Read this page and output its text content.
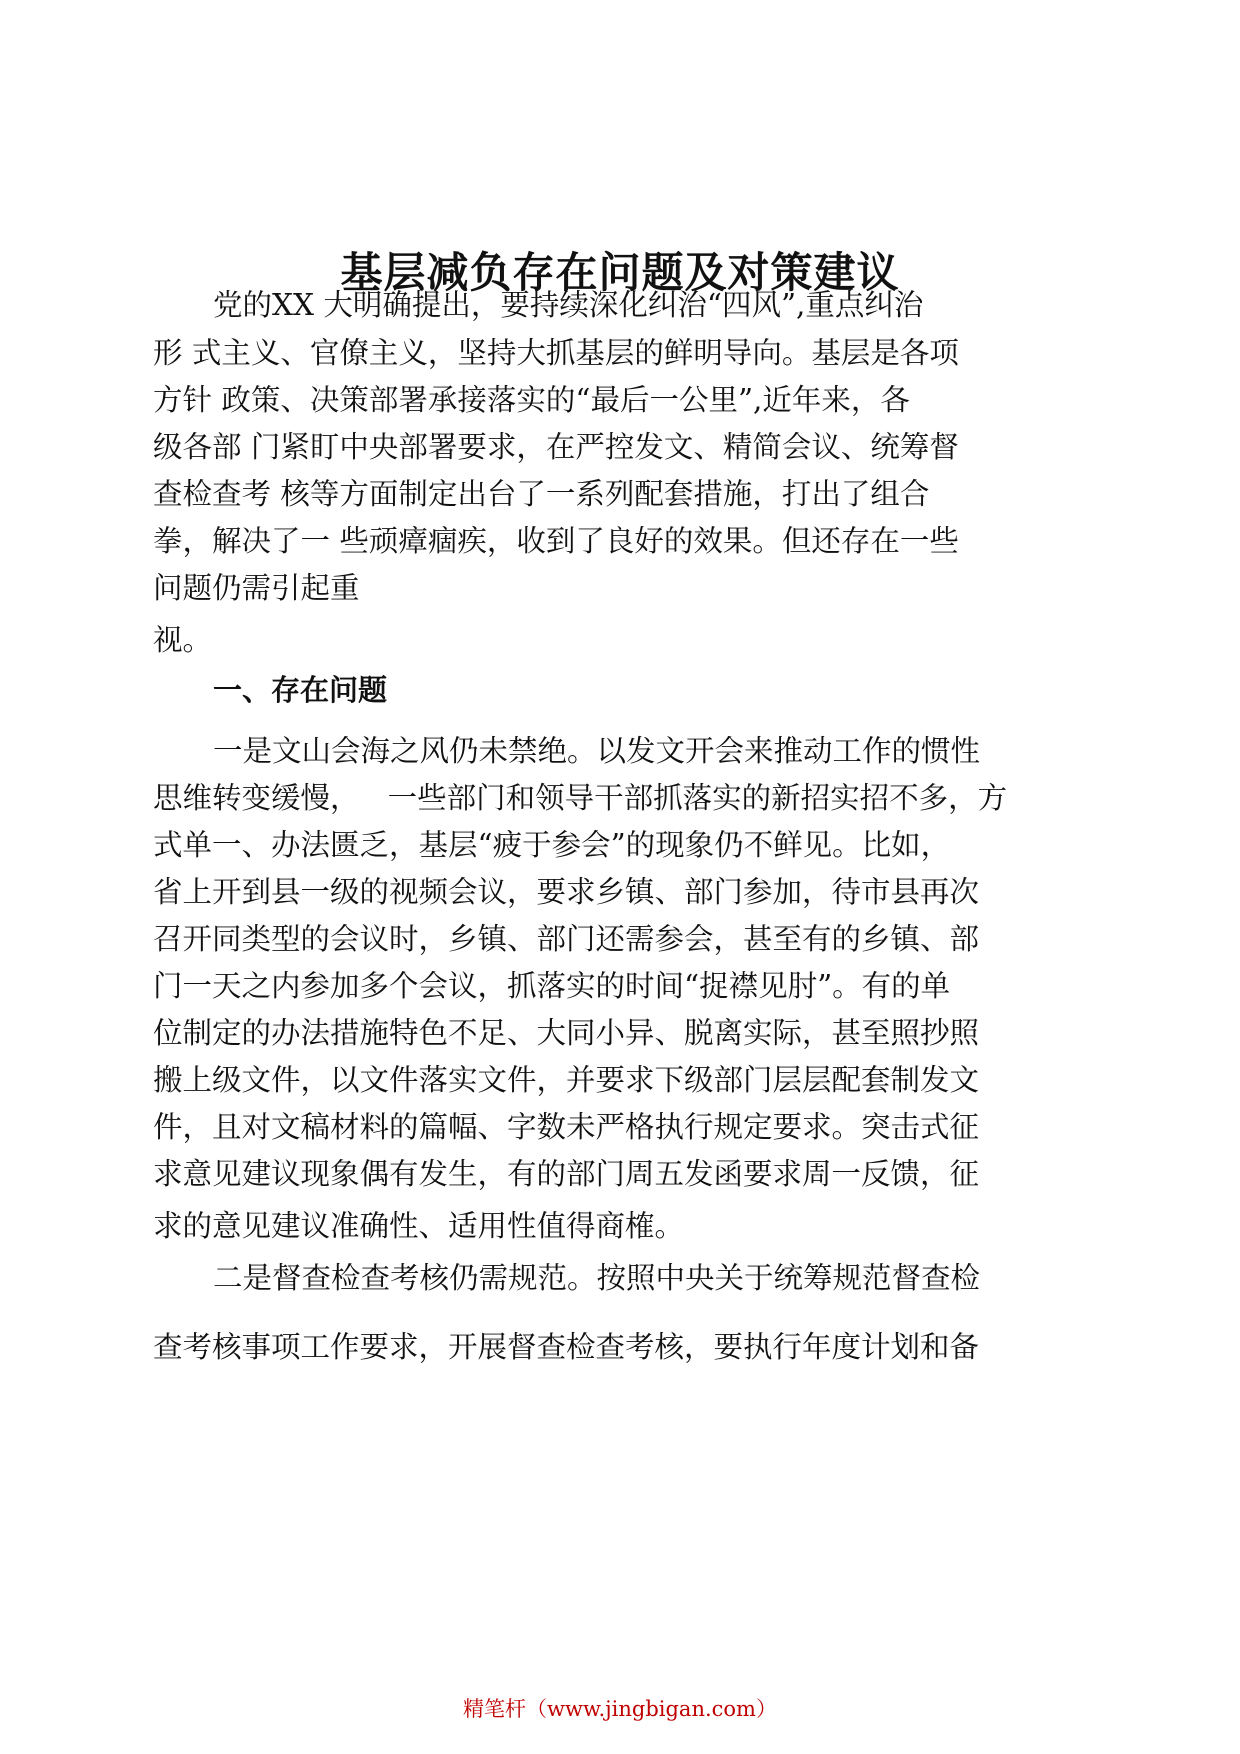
基层减负存在问题及对策建议
党的XX 大明确提出，要持续深化纠治“四风”,重点纠治
形 式主义、官僚主义，坚持大抓基层的鲜明导向。基层是各项
方针 政策、决策部署承接落实的“最后一公里”,近年来，各
级各部 门紧盯中央部署要求，在严控发文、精简会议、统筹督
查检查考 核等方面制定出台了一系列配套措施，打出了组合
拳，解决了一 些顽瘴痼疾，收到了良好的效果。但还存在一些
问题仍需引起重
视。
一、存在问题
一是文山会海之风仍未禁绝。以发文开会来推动工作的惯性
思维转变缓慢，   一些部门和领导干部抓落实的新招实招不多，方
式单一、办法匮乏，基层“疲于参会”的现象仍不鲜见。比如，
省上开到县一级的视频会议，要求乡镇、部门参加，待市县再次
召开同类型的会议时，乡镇、部门还需参会，甚至有的乡镇、部
门一天之内参加多个会议，抓落实的时间“捉襟见肘”。有的单
位制定的办法措施特色不足、大同小异、脱离实际，甚至照抄照
搬上级文件，以文件落实文件，并要求下级部门层层配套制发文
件，且对文稿材料的篇幅、字数未严格执行规定要求。突击式征
求意见建议现象偶有发生，有的部门周五发函要求周一反馈，征
求的意见建议准确性、适用性值得商榷。
二是督查检查考核仍需规范。按照中央关于统筹规范督查检
查考核事项工作要求，开展督查检查考核，要执行年度计划和备
精笔杆（www.jingbigan.com）
